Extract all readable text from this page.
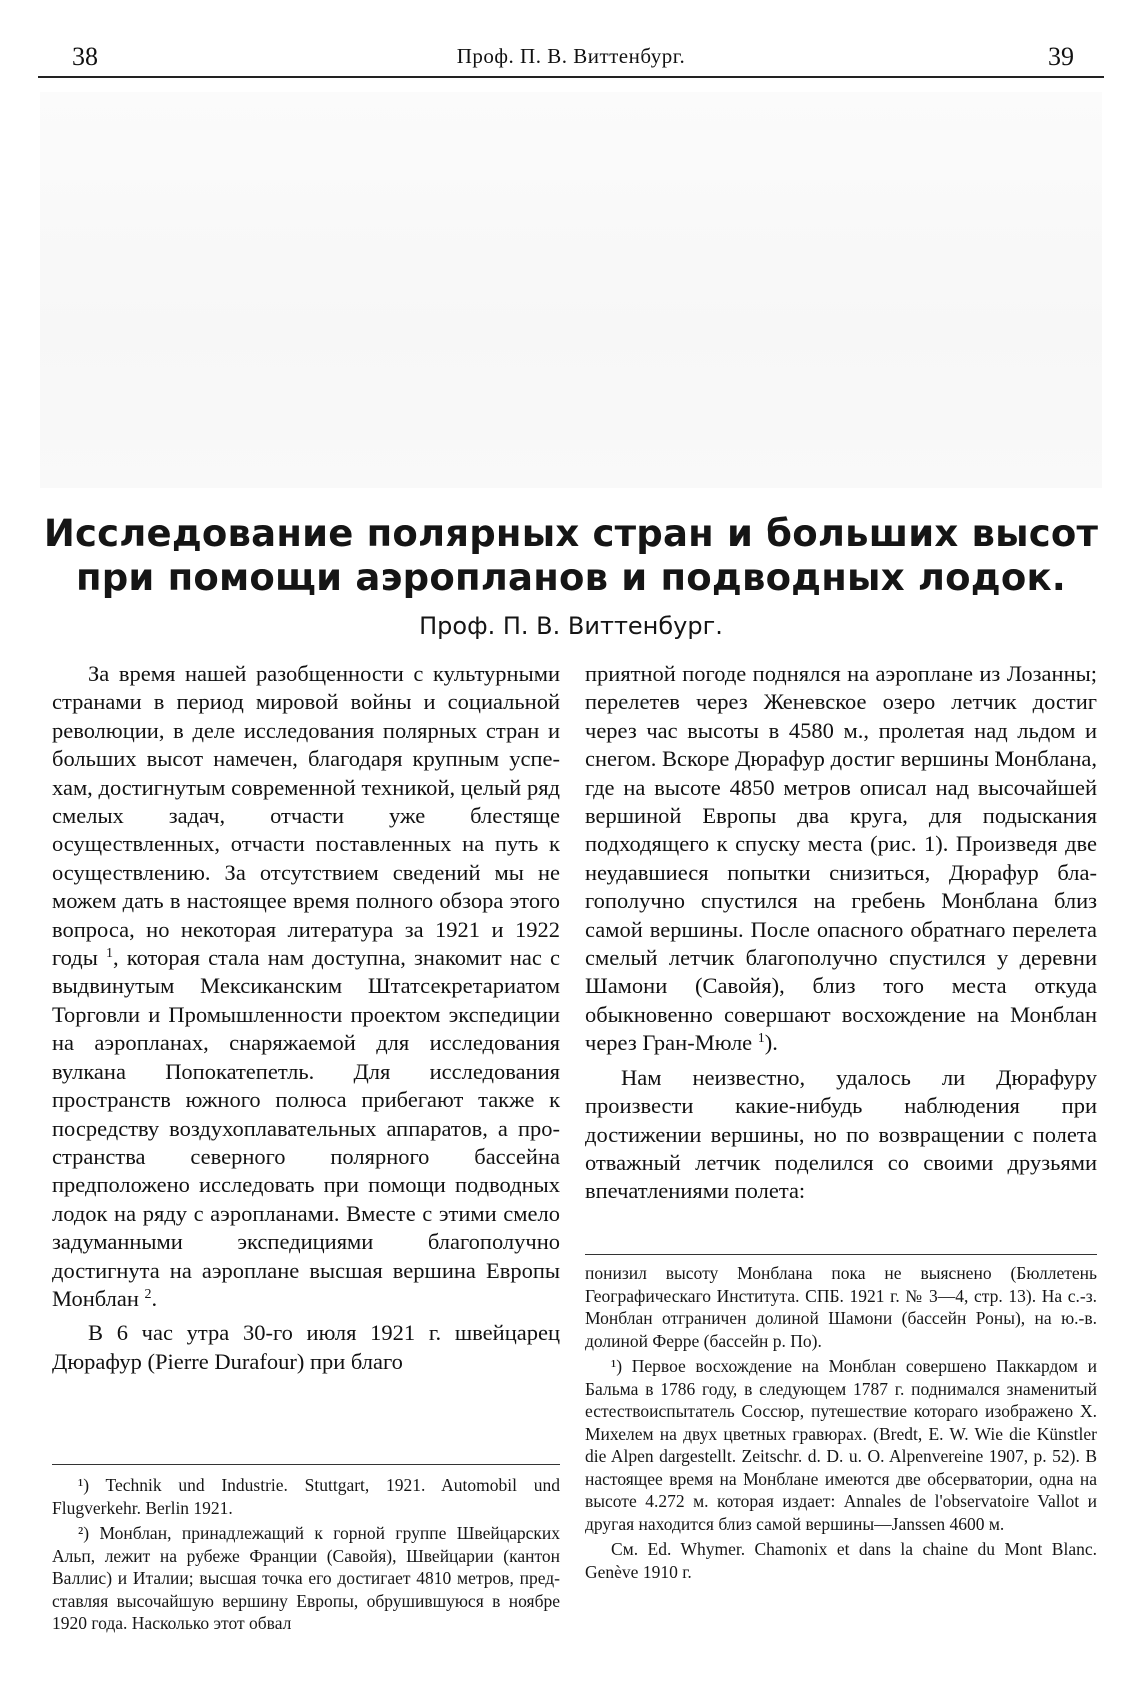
38	Проф. П. В. Виттенбург.	39
Исследование полярных стран и больших высот
при помощи аэропланов и подводных лодок.
Проф. П. В. Виттенбург.

За время нашей разобщенности с культурными странами в период мировой войны и социальной революции, в деле исследования полярных стран и больших высот намечен, благодаря крупным успехам, достигнутым современной техникой, целый ряд смелых задач, отчасти уже блестяще осуществленных, отчасти поставленных на путь к осуществлению. За отсутствием сведений мы не можем дать в настоящее время полного обзора этого вопроса, но некоторая литература за 1921 и 1922 годы $^1$, которая стала нам доступна, знакомит нас с выдвинутым Мексиканским Штатсекретариатом Торговли и Промышленности проектом экспедиции на аэропланах, снаряжаемой для исследования вулкана Попокатепетль. Для исследования пространств южного полюса прибегают также к посредству воздухоплавательных аппаратов, а пространства северного полярного бассейна предположено исследовать при помощи подводных лодок на ряду с аэропланами. Вместе с этими смело задуманными экспедициями благополучно достигнута на аэроплане высшая вершина Европы Монблан $^2$.

В 6 час утра 30-го июля 1921 г. швейцарец Дюрафур (Pierre Durafour) при благо

приятной погоде поднялся на аэроплане из Лозанны; перелетев через Женевское озеро летчик достиг через час высоты в 4580 м., пролетая над льдом и снегом. Вскоре Дюрафур достиг вершины Монблана, где на высоте 4850 метров описал над высочайшей вершиной Европы два круга, для подыскания подходящего к спуску места (рис. 1). Произведя две неудавшиеся попытки снизиться, Дюрафур благополучно спустился на гребень Монблана близ самой вершины. После опасного обратнаго перелета смелый летчик благополучно спустился у деревни Шамони (Савойя), близ того места откуда обыкновенно совершают восхождение на Монблан через Гран-Мюле $^1$).

Нам неизвестно, удалось ли Дюрафуру произвести какие-нибудь наблюдения при достижении вершины, но по возвращении с полета отважный летчик поделился со своими друзьями впечатлениями полета:

¹) Technik und Industrie. Stuttgart, 1921. Automobil und Flugverkehr. Berlin 1921.

²) Монблан, принадлежащий к горной группе Швейцарских Альп, лежит на рубеже Франции (Савойя), Швейцарии (кантон Валлис) и Италии; высшая точка его достигает 4810 метров, представляя высочайшую вершину Европы, обрушившуюся в ноябре 1920 года. Насколько этот обвал

понизил высоту Монблана пока не выяснено (Бюллетень Географическаго Института. СПБ. 1921 г. № 3—4, стр. 13). На с.-з. Монблан отграничен долиной Шамони (бассейн Роны), на ю.-в. долиной Ферре (бассейн р. По).

¹) Первое восхождение на Монблан совершено Паккардом и Бальма в 1786 году, в следующем 1787 г. поднимался знаменитый естествоиспытатель Соссюр, путешествие котораго изображено Х. Михелем на двух цветных гравюрах. (Bredt, E. W. Wie die Künstler die Alpen dargestellt. Zeitschr. d. D. u. O. Alpenvereine 1907, p. 52). В настоящее время на Монблане имеются две обсерватории, одна на высоте 4.272 м. которая издает: Annales de l'observatoire Vallot и другая находится близ самой вершины—Janssen 4600 м.

См. Ed. Whymer. Chamonix et dans la chaine du Mont Blanc. Genève 1910 г.
